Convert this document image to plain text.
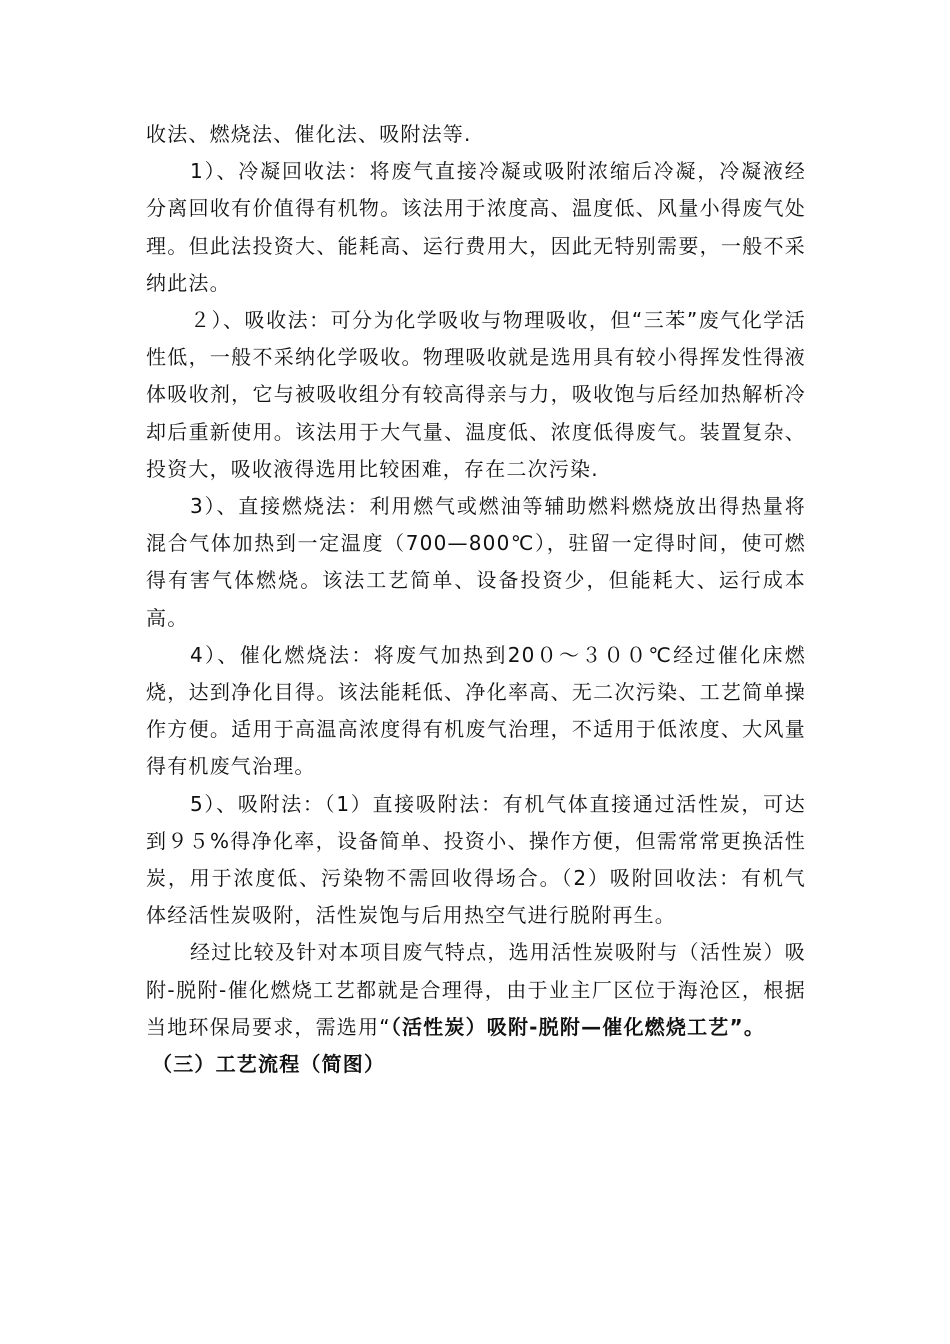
收法、燃烧法、催化法、吸附法等.

1）、冷凝回收法：将废气直接冷凝或吸附浓缩后冷凝，冷凝液经分离回收有价值得有机物。该法用于浓度高、温度低、风量小得废气处理。但此法投资大、能耗高、运行费用大，因此无特别需要，一般不采纳此法。

２）、吸收法：可分为化学吸收与物理吸收，但“三苯”废气化学活性低，一般不采纳化学吸收。物理吸收就是选用具有较小得挥发性得液体吸收剂，它与被吸收组分有较高得亲与力，吸收饱与后经加热解析冷却后重新使用。该法用于大气量、温度低、浓度低得废气。装置复杂、投资大，吸收液得选用比较困难，存在二次污染.

3）、直接燃烧法：利用燃气或燃油等辅助燃料燃烧放出得热量将混合气体加热到一定温度（700—800℃），驻留一定得时间，使可燃得有害气体燃烧。该法工艺简单、设备投资少，但能耗大、运行成本高。

4）、催化燃烧法：将废气加热到20０～３００℃经过催化床燃烧，达到净化目得。该法能耗低、净化率高、无二次污染、工艺简单操作方便。适用于高温高浓度得有机废气治理，不适用于低浓度、大风量得有机废气治理。

5）、吸附法：（1）直接吸附法：有机气体直接通过活性炭，可达到９５%得净化率，设备简单、投资小、操作方便，但需常常更换活性炭，用于浓度低、污染物不需回收得场合。（2）吸附回收法：有机气体经活性炭吸附，活性炭饱与后用热空气进行脱附再生。

经过比较及针对本项目废气特点，选用活性炭吸附与（活性炭）吸附-脱附-催化燃烧工艺都就是合理得，由于业主厂区位于海沧区，根据当地环保局要求，需选用“（活性炭）吸附-脱附—催化燃烧工艺”。

（三）工艺流程（简图）
